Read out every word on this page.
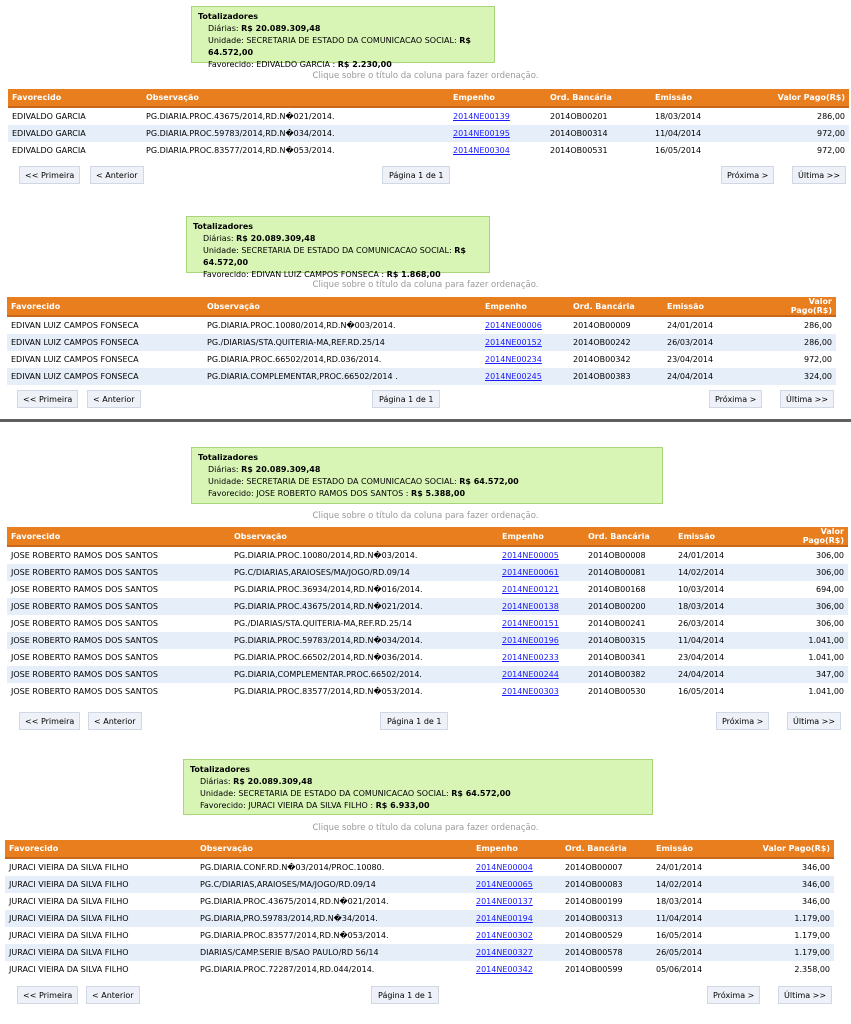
Totalizadores
Diárias: R$ 20.089.309,48
Unidade: SECRETARIA DE ESTADO DA COMUNICACAO SOCIAL: R$ 64.572,00
Favorecido: EDIVALDO GARCIA : R$ 2.230,00
Clique sobre o título da coluna para fazer ordenação.
Favorecido	Observação	Empenho	Ord. Bancária	Emissão	Valor Pago(R$)
EDIVALDO GARCIA	PG.DIARIA.PROC.43675/2014,RD.N�021/2014.	2014NE00139	2014OB00201	18/03/2014	286,00
EDIVALDO GARCIA	PG.DIARIA.PROC.59783/2014,RD.N�034/2014.	2014NE00195	2014OB00314	11/04/2014	972,00
EDIVALDO GARCIA	PG.DIARIA.PROC.83577/2014,RD.N�053/2014.	2014NE00304	2014OB00531	16/05/2014	972,00
<< Primeira	< Anterior	Página 1 de 1	Próxima >	Última >>
Totalizadores
Diárias: R$ 20.089.309,48
Unidade: SECRETARIA DE ESTADO DA COMUNICACAO SOCIAL: R$ 64.572,00
Favorecido: EDIVAN LUIZ CAMPOS FONSECA : R$ 1.868,00
Clique sobre o título da coluna para fazer ordenação.
Favorecido	Observação	Empenho	Ord. Bancária	Emissão	Valor Pago(R$)
EDIVAN LUIZ CAMPOS FONSECA	PG.DIARIA.PROC.10080/2014,RD.N�003/2014.	2014NE00006	2014OB00009	24/01/2014	286,00
EDIVAN LUIZ CAMPOS FONSECA	PG./DIARIAS/STA.QUITERIA-MA,REF.RD.25/14	2014NE00152	2014OB00242	26/03/2014	286,00
EDIVAN LUIZ CAMPOS FONSECA	PG.DIARIA.PROC.66502/2014,RD.036/2014.	2014NE00234	2014OB00342	23/04/2014	972,00
EDIVAN LUIZ CAMPOS FONSECA	PG.DIARIA.COMPLEMENTAR,PROC.66502/2014 .	2014NE00245	2014OB00383	24/04/2014	324,00
<< Primeira	< Anterior	Página 1 de 1	Próxima >	Última >>
Totalizadores
Diárias: R$ 20.089.309,48
Unidade: SECRETARIA DE ESTADO DA COMUNICACAO SOCIAL: R$ 64.572,00
Favorecido: JOSE ROBERTO RAMOS DOS SANTOS : R$ 5.388,00
Clique sobre o título da coluna para fazer ordenação.
Favorecido	Observação	Empenho	Ord. Bancária	Emissão	Valor Pago(R$)
JOSE ROBERTO RAMOS DOS SANTOS	PG.DIARIA.PROC.10080/2014,RD.N�03/2014.	2014NE00005	2014OB00008	24/01/2014	306,00
JOSE ROBERTO RAMOS DOS SANTOS	PG.C/DIARIAS,ARAIOSES/MA/JOGO/RD.09/14	2014NE00061	2014OB00081	14/02/2014	306,00
JOSE ROBERTO RAMOS DOS SANTOS	PG.DIARIA.PROC.36934/2014,RD.N�016/2014.	2014NE00121	2014OB00168	10/03/2014	694,00
JOSE ROBERTO RAMOS DOS SANTOS	PG.DIARIA.PROC.43675/2014,RD.N�021/2014.	2014NE00138	2014OB00200	18/03/2014	306,00
JOSE ROBERTO RAMOS DOS SANTOS	PG./DIARIAS/STA.QUITERIA-MA,REF.RD.25/14	2014NE00151	2014OB00241	26/03/2014	306,00
JOSE ROBERTO RAMOS DOS SANTOS	PG.DIARIA.PROC.59783/2014,RD.N�034/2014.	2014NE00196	2014OB00315	11/04/2014	1.041,00
JOSE ROBERTO RAMOS DOS SANTOS	PG.DIARIA.PROC.66502/2014,RD.N�036/2014.	2014NE00233	2014OB00341	23/04/2014	1.041,00
JOSE ROBERTO RAMOS DOS SANTOS	PG.DIARIA,COMPLEMENTAR.PROC.66502/2014.	2014NE00244	2014OB00382	24/04/2014	347,00
JOSE ROBERTO RAMOS DOS SANTOS	PG.DIARIA.PROC.83577/2014,RD.N�053/2014.	2014NE00303	2014OB00530	16/05/2014	1.041,00
<< Primeira	< Anterior	Página 1 de 1	Próxima >	Última >>
Totalizadores
Diárias: R$ 20.089.309,48
Unidade: SECRETARIA DE ESTADO DA COMUNICACAO SOCIAL: R$ 64.572,00
Favorecido: JURACI VIEIRA DA SILVA FILHO : R$ 6.933,00
Clique sobre o título da coluna para fazer ordenação.
Favorecido	Observação	Empenho	Ord. Bancária	Emissão	Valor Pago(R$)
JURACI VIEIRA DA SILVA FILHO	PG.DIARIA.CONF.RD.N�03/2014/PROC.10080.	2014NE00004	2014OB00007	24/01/2014	346,00
JURACI VIEIRA DA SILVA FILHO	PG.C/DIARIAS,ARAIOSES/MA/JOGO/RD.09/14	2014NE00065	2014OB00083	14/02/2014	346,00
JURACI VIEIRA DA SILVA FILHO	PG.DIARIA.PROC.43675/2014,RD.N�021/2014.	2014NE00137	2014OB00199	18/03/2014	346,00
JURACI VIEIRA DA SILVA FILHO	PG.DIARIA,PRO.59783/2014,RD.N�34/2014.	2014NE00194	2014OB00313	11/04/2014	1.179,00
JURACI VIEIRA DA SILVA FILHO	PG.DIARIA.PROC.83577/2014,RD.N�053/2014.	2014NE00302	2014OB00529	16/05/2014	1.179,00
JURACI VIEIRA DA SILVA FILHO	DIARIAS/CAMP.SERIE B/SAO PAULO/RD 56/14	2014NE00327	2014OB00578	26/05/2014	1.179,00
JURACI VIEIRA DA SILVA FILHO	PG.DIARIA.PROC.72287/2014,RD.044/2014.	2014NE00342	2014OB00599	05/06/2014	2.358,00
<< Primeira	< Anterior	Página 1 de 1	Próxima >	Última >>
